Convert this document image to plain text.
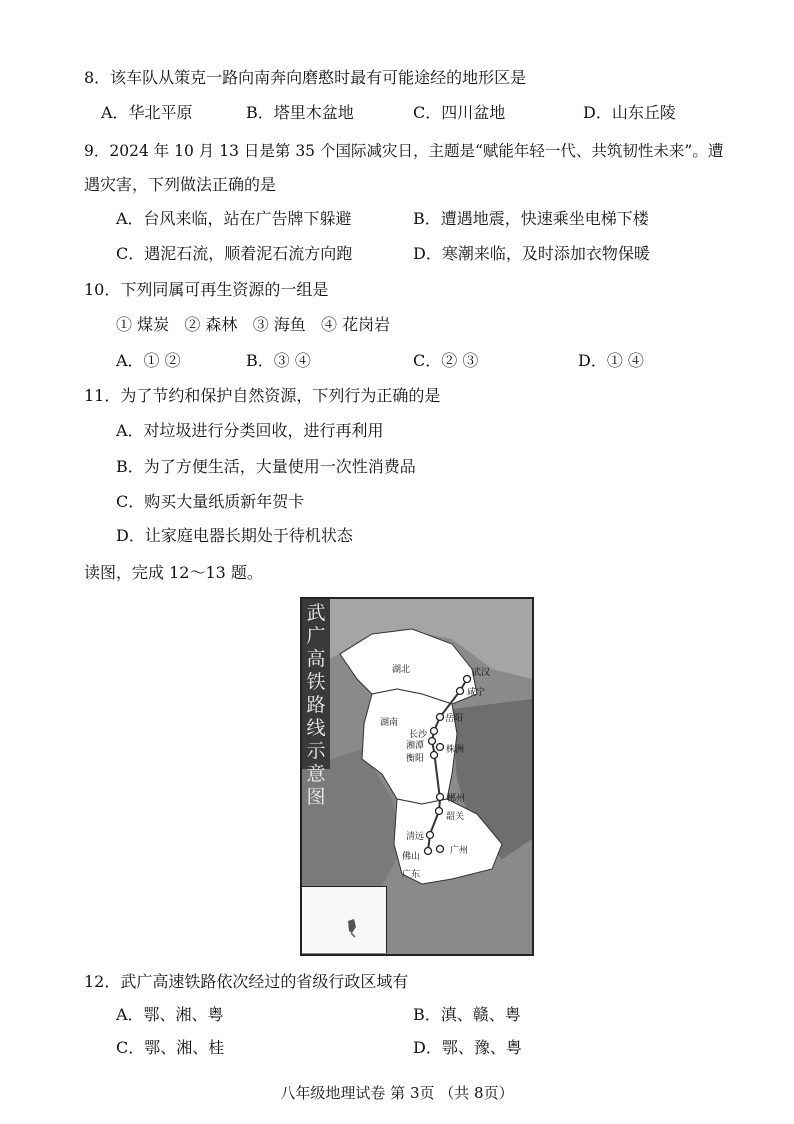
8．该车队从策克一路向南奔向磨憨时最有可能途经的地形区是
A．华北平原	B．塔里木盆地	C．四川盆地	D．山东丘陵
9．2024 年 10 月 13 日是第 35 个国际减灾日，主题是“赋能年轻一代、共筑韧性未来”。遭
遇灾害，下列做法正确的是
A．台风来临，站在广告牌下躲避	B．遭遇地震，快速乘坐电梯下楼
C．遇泥石流，顺着泥石流方向跑	D．寒潮来临，及时添加衣物保暖
10．下列同属可再生资源的一组是
① 煤炭   ② 森林   ③ 海鱼   ④ 花岗岩
A．① ②	B．③ ④	C．② ③	D．① ④
11．为了节约和保护自然资源，下列行为正确的是
A．对垃圾进行分类回收，进行再利用
B．为了方便生活，大量使用一次性消费品
C．购买大量纸质新年贺卡
D．让家庭电器长期处于待机状态
读图，完成 12～13 题。
武广高铁路线示意图
湖北
湖南
广东
武汉
咸宁
岳阳
长沙
湘潭 株洲
衡阳
郴州
韶关
清远
佛山
广州
12．武广高速铁路依次经过的省级行政区域有
A．鄂、湘、粤	B．滇、赣、粤
C．鄂、湘、桂	D．鄂、豫、粤
八年级地理试卷 第 3页 （共 8页）
